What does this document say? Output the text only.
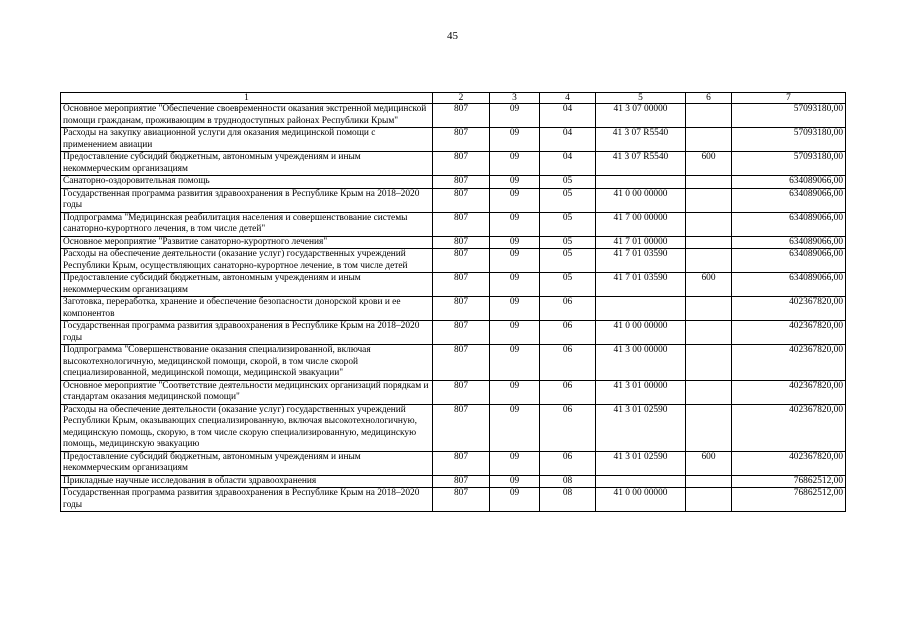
45
1	2	3	4	5	6	7
Основное мероприятие "Обеспечение своевременности оказания экстренной медицинской помощи гражданам, проживающим в труднодоступных районах Республики Крым"	807	09	04	41 3 07 00000		57093180,00
Расходы на закупку авиационной услуги для оказания медицинской помощи с применением авиации	807	09	04	41 3 07 R5540		57093180,00
Предоставление субсидий бюджетным, автономным учреждениям и иным некоммерческим организациям	807	09	04	41 3 07 R5540	600	57093180,00
Санаторно-оздоровительная помощь	807	09	05			634089066,00
Государственная программа развития здравоохранения в Республике Крым на 2018–2020 годы	807	09	05	41 0 00 00000		634089066,00
Подпрограмма "Медицинская реабилитация населения и совершенствование системы санаторно-курортного лечения, в том числе детей"	807	09	05	41 7 00 00000		634089066,00
Основное мероприятие "Развитие санаторно-курортного лечения"	807	09	05	41 7 01 00000		634089066,00
Расходы на обеспечение деятельности (оказание услуг) государственных учреждений Республики Крым, осуществляющих санаторно-курортное лечение, в том числе детей	807	09	05	41 7 01 03590		634089066,00
Предоставление субсидий бюджетным, автономным учреждениям и иным некоммерческим организациям	807	09	05	41 7 01 03590	600	634089066,00
Заготовка, переработка, хранение и обеспечение безопасности донорской крови и ее компонентов	807	09	06			402367820,00
Государственная программа развития здравоохранения в Республике Крым на 2018–2020 годы	807	09	06	41 0 00 00000		402367820,00
Подпрограмма "Совершенствование оказания специализированной, включая высокотехнологичную, медицинской помощи, скорой, в том числе скорой специализированной, медицинской помощи, медицинской эвакуации"	807	09	06	41 3 00 00000		402367820,00
Основное мероприятие "Соответствие деятельности медицинских организаций порядкам и стандартам оказания медицинской помощи"	807	09	06	41 3 01 00000		402367820,00
Расходы на обеспечение деятельности (оказание услуг) государственных учреждений Республики Крым, оказывающих специализированную, включая высокотехнологичную, медицинскую помощь, скорую, в том числе скорую специализированную, медицинскую помощь, медицинскую эвакуацию	807	09	06	41 3 01 02590		402367820,00
Предоставление субсидий бюджетным, автономным учреждениям и иным некоммерческим организациям	807	09	06	41 3 01 02590	600	402367820,00
Прикладные научные исследования в области здравоохранения	807	09	08			76862512,00
Государственная программа развития здравоохранения в Республике Крым на 2018–2020 годы	807	09	08	41 0 00 00000		76862512,00
